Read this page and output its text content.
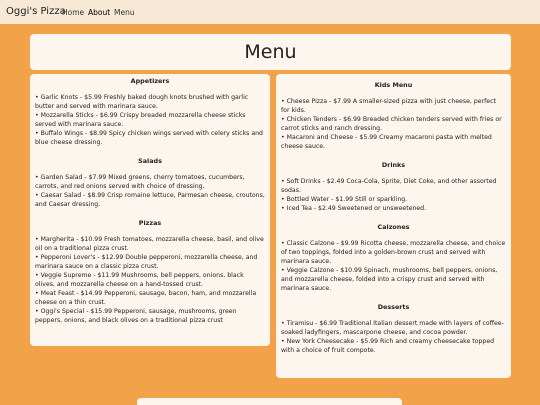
Oggi's Pizza
Home About Menu
Menu
Appetizers
• Garlic Knots - $5.99 Freshly baked dough knots brushed with garlic butter and served with marinara sauce.
• Mozzarella Sticks - $6.99 Crispy breaded mozzarella cheese sticks served with marinara sauce.
• Buffalo Wings - $8.99 Spicy chicken wings served with celery sticks and blue cheese dressing.
Salads
• Garden Salad - $7.99 Mixed greens, cherry tomatoes, cucumbers, carrots, and red onions served with choice of dressing.
• Caesar Salad - $8.99 Crisp romaine lettuce, Parmesan cheese, croutons, and Caesar dressing.
Pizzas
• Margherita - $10.99 Fresh tomatoes, mozzarella cheese, basil, and olive oil on a traditional pizza crust.
• Pepperoni Lover's - $12.99 Double pepperoni, mozzarella cheese, and marinara sauce on a classic pizza crust.
• Veggie Supreme - $11.99 Mushrooms, bell peppers, onions, black olives, and mozzarella cheese on a hand-tossed crust.
• Meat Feast - $14.99 Pepperoni, sausage, bacon, ham, and mozzarella cheese on a thin crust.
• Oggi's Special - $15.99 Pepperoni, sausage, mushrooms, green peppers, onions, and black olives on a traditional pizza crust
Kids Menu
• Cheese Pizza - $7.99 A smaller-sized pizza with just cheese, perfect for kids.
• Chicken Tenders - $6.99 Breaded chicken tenders served with fries or carrot sticks and ranch dressing.
• Macaroni and Cheese - $5.99 Creamy macaroni pasta with melted cheese sauce.
Drinks
• Soft Drinks - $2.49 Coca-Cola, Sprite, Diet Coke, and other assorted sodas.
• Bottled Water - $1.99 Still or sparkling.
• Iced Tea - $2.49 Sweetened or unsweetened.
Calzones
• Classic Calzone - $9.99 Ricotta cheese, mozzarella cheese, and choice of two toppings, folded into a golden-brown crust and served with marinara sauce.
• Veggie Calzone - $10.99 Spinach, mushrooms, bell peppers, onions, and mozzarella cheese, folded into a crispy crust and served with marinara sauce.
Desserts
• Tiramisu - $6.99 Traditional Italian dessert made with layers of coffee-soaked ladyfingers, mascarpone cheese, and cocoa powder.
• New York Cheesecake - $5.99 Rich and creamy cheesecake topped with a choice of fruit compote.
